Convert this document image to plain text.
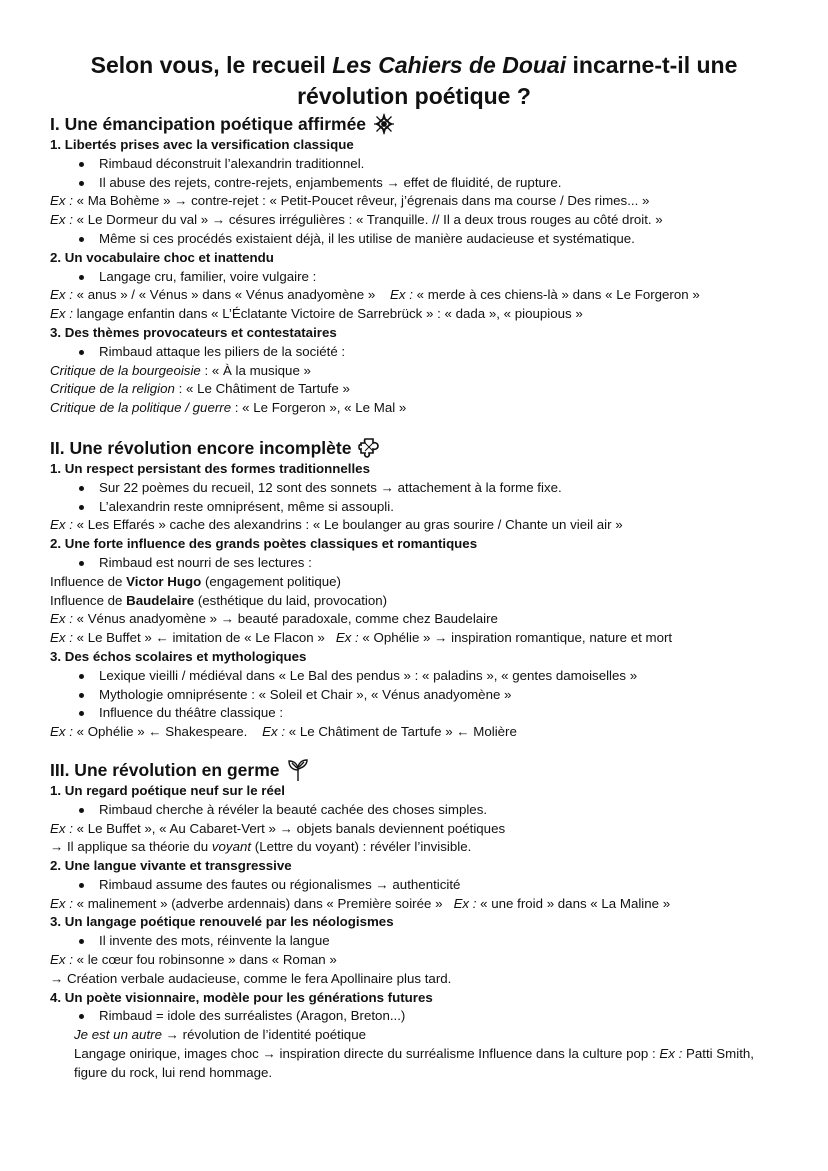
Selon vous, le recueil Les Cahiers de Douai incarne-t-il une
révolution poétique ?
I. Une émancipation poétique affirmée
1. Libertés prises avec la versification classique
Rimbaud déconstruit l’alexandrin traditionnel.
Il abuse des rejets, contre-rejets, enjambements → effet de fluidité, de rupture.
Ex : « Ma Bohème » → contre-rejet : « Petit-Poucet rêveur, j’égrenais dans ma course / Des rimes... »
Ex : « Le Dormeur du val » → césures irrégulières : « Tranquille. // Il a deux trous rouges au côté droit. »
Même si ces procédés existaient déjà, il les utilise de manière audacieuse et systématique.
2. Un vocabulaire choc et inattendu
Langage cru, familier, voire vulgaire :
Ex : « anus » / « Vénus » dans « Vénus anadyomène » Ex : « merde à ces chiens-là » dans « Le Forgeron »
Ex : langage enfantin dans « L’Éclatante Victoire de Sarrebrück » : « dada », « pioupious »
3. Des thèmes provocateurs et contestataires
Rimbaud attaque les piliers de la société :
Critique de la bourgeoisie : « À la musique »
Critique de la religion : « Le Châtiment de Tartufe »
Critique de la politique / guerre : « Le Forgeron », « Le Mal »
II. Une révolution encore incomplète
1. Un respect persistant des formes traditionnelles
Sur 22 poèmes du recueil, 12 sont des sonnets → attachement à la forme fixe.
L’alexandrin reste omniprésent, même si assoupli.
Ex : « Les Effarés » cache des alexandrins : « Le boulanger au gras sourire / Chante un vieil air »
2. Une forte influence des grands poètes classiques et romantiques
Rimbaud est nourri de ses lectures :
Influence de Victor Hugo (engagement politique)
Influence de Baudelaire (esthétique du laid, provocation)
Ex : « Vénus anadyomène » → beauté paradoxale, comme chez Baudelaire
Ex : « Le Buffet » ← imitation de « Le Flacon » Ex : « Ophélie » → inspiration romantique, nature et mort
3. Des échos scolaires et mythologiques
Lexique vieilli / médiéval dans « Le Bal des pendus » : « paladins », « gentes damoiselles »
Mythologie omniprésente : « Soleil et Chair », « Vénus anadyomène »
Influence du théâtre classique :
Ex : « Ophélie » ← Shakespeare. Ex : « Le Châtiment de Tartufe » ← Molière
III. Une révolution en germe
1. Un regard poétique neuf sur le réel
Rimbaud cherche à révéler la beauté cachée des choses simples.
Ex : « Le Buffet », « Au Cabaret-Vert » → objets banals deviennent poétiques
→ Il applique sa théorie du voyant (Lettre du voyant) : révéler l’invisible.
2. Une langue vivante et transgressive
Rimbaud assume des fautes ou régionalismes → authenticité
Ex : « malinement » (adverbe ardennais) dans « Première soirée » Ex : « une froid » dans « La Maline »
3. Un langage poétique renouvelé par les néologismes
Il invente des mots, réinvente la langue
Ex : « le cœur fou robinsonne » dans « Roman »
→ Création verbale audacieuse, comme le fera Apollinaire plus tard.
4. Un poète visionnaire, modèle pour les générations futures
Rimbaud = idole des surréalistes (Aragon, Breton...)
Je est un autre → révolution de l’identité poétique
Langage onirique, images choc → inspiration directe du surréalisme Influence dans la culture pop : Ex : Patti Smith, figure du rock, lui rend hommage.
